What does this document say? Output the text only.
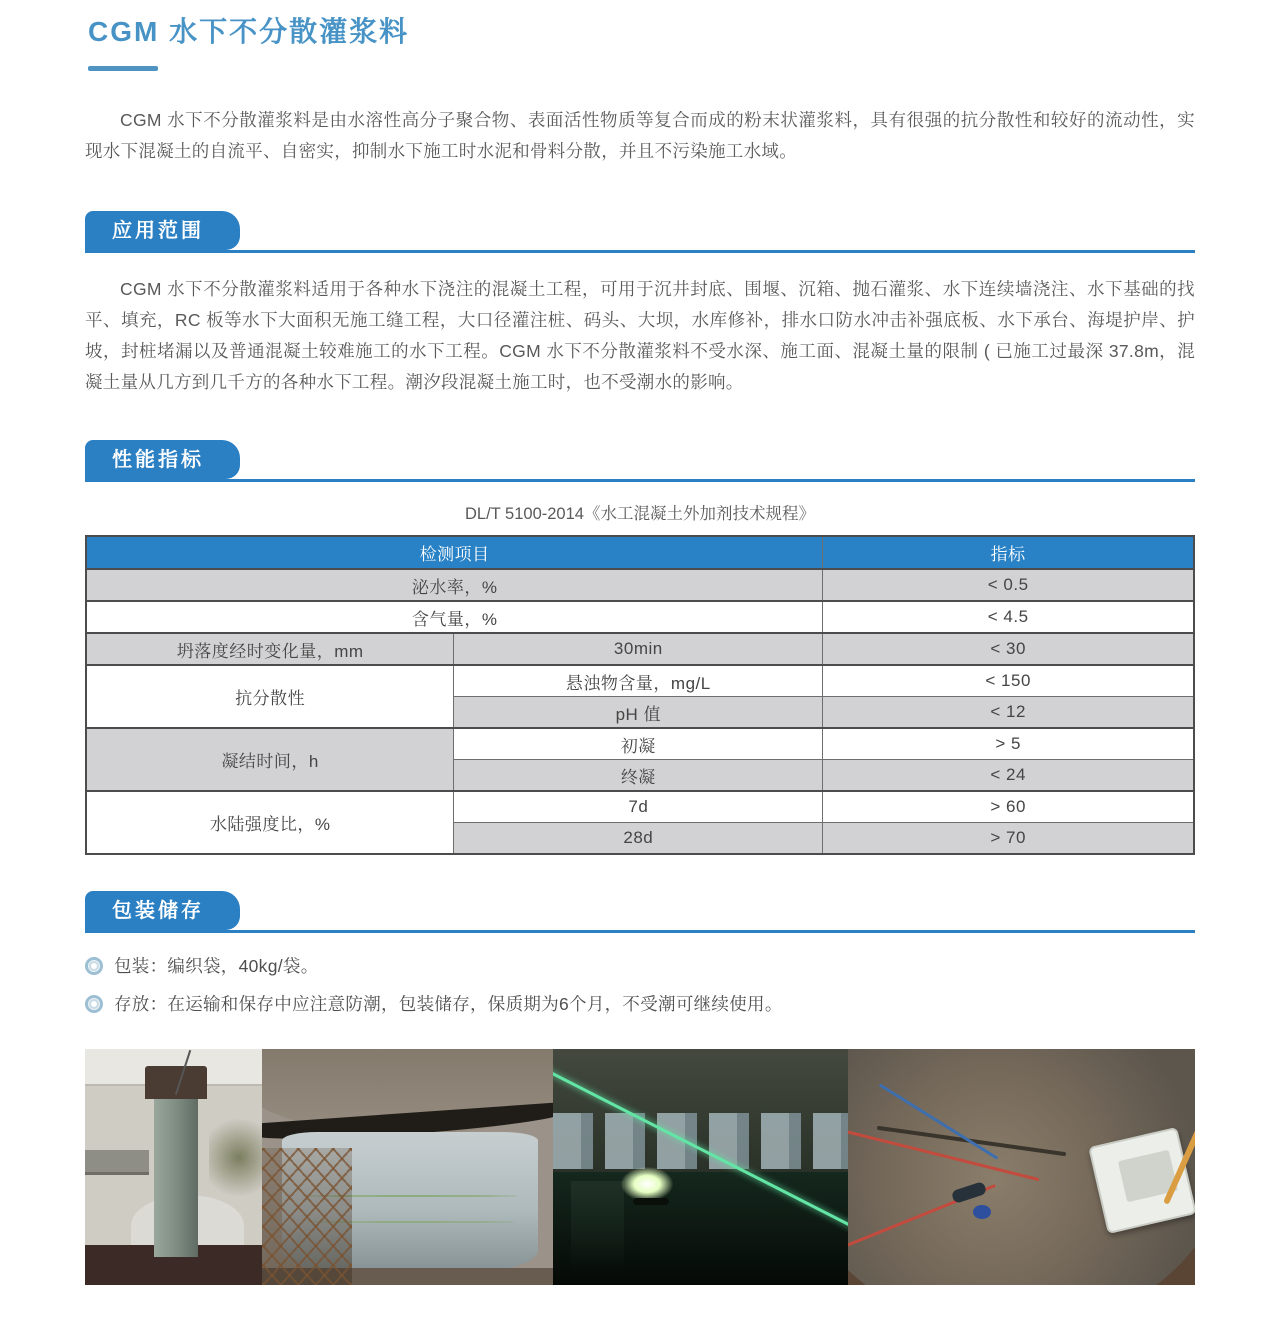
CGM 水下不分散灌浆料

CGM 水下不分散灌浆料是由水溶性高分子聚合物、表面活性物质等复合而成的粉末状灌浆料，具有很强的抗分散性和较好的流动性，实现水下混凝土的自流平、自密实，抑制水下施工时水泥和骨料分散，并且不污染施工水域。

应用范围

CGM 水下不分散灌浆料适用于各种水下浇注的混凝土工程，可用于沉井封底、围堰、沉箱、抛石灌浆、水下连续墙浇注、水下基础的找平、填充，RC 板等水下大面积无施工缝工程，大口径灌注桩、码头、大坝，水库修补，排水口防水冲击补强底板、水下承台、海堤护岸、护坡，封桩堵漏以及普通混凝土较难施工的水下工程。CGM 水下不分散灌浆料不受水深、施工面、混凝土量的限制 ( 已施工过最深 37.8m，混凝土量从几方到几千方的各种水下工程。潮汐段混凝土施工时，也不受潮水的影响。

性能指标

DL/T 5100-2014《水工混凝土外加剂技术规程》

检测项目		指标
泌水率，%		< 0.5
含气量，%		< 4.5
坍落度经时变化量，mm	30min	< 30
抗分散性	悬浊物含量，mg/L	< 150
	pH 值	< 12
凝结时间，h	初凝	> 5
	终凝	< 24
水陆强度比，%	7d	> 60
	28d	> 70
包装储存
包装：编织袋，40kg/袋。
存放：在运输和保存中应注意防潮，包装储存，保质期为6个月，不受潮可继续使用。
